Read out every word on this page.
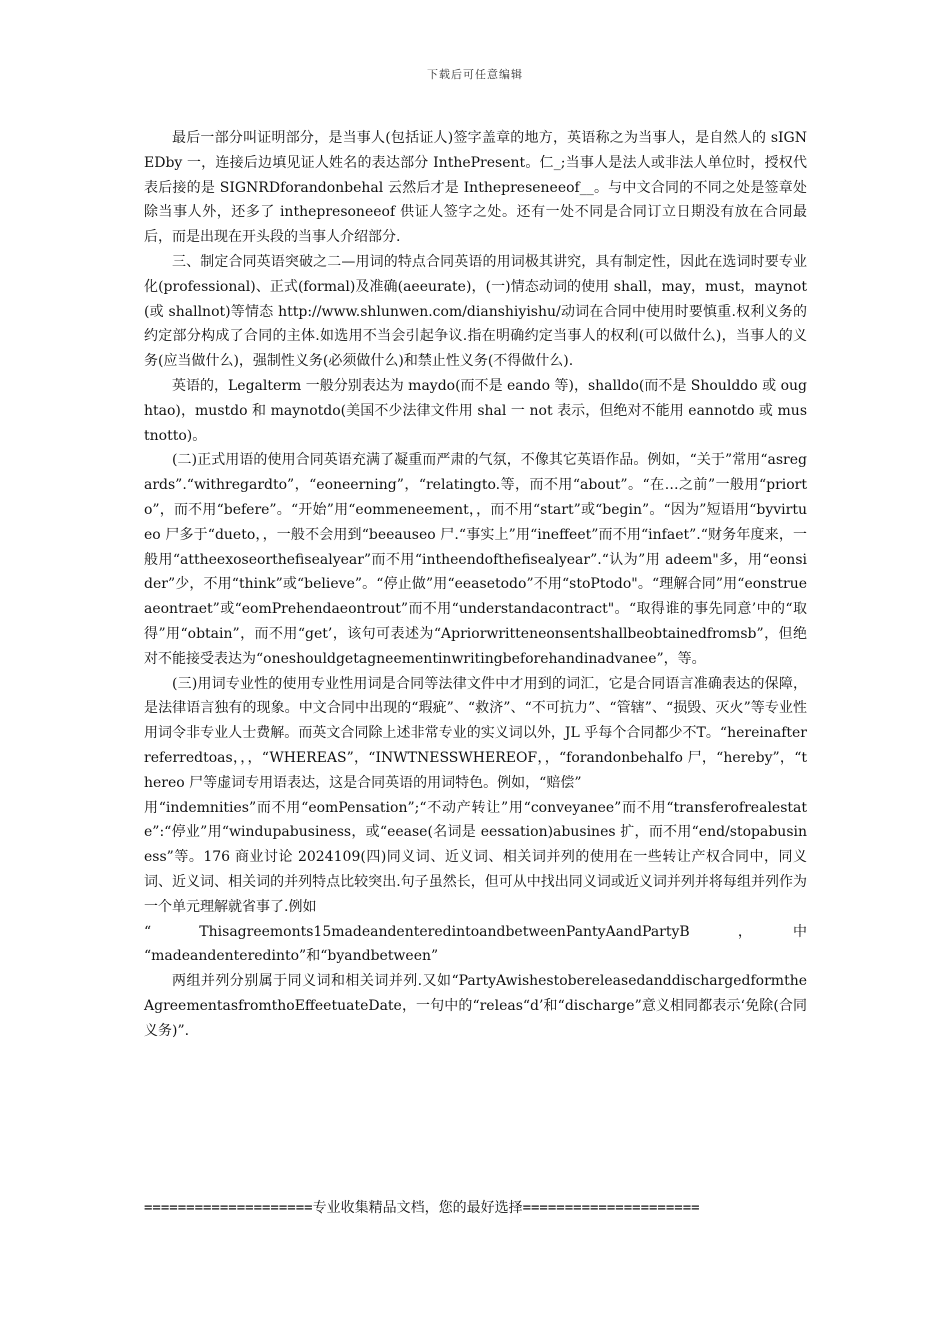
下载后可任意编辑

最后一部分叫证明部分，是当事人(包括证人)签字盖章的地方，英语称之为当事人，是自然人的 sIGNEDby 一，连接后边填见证人姓名的表达部分 InthePresent。仁_;当事人是法人或非法人单位时，授权代表后接的是 SIGNRDforandonbehal 云然后才是 Inthepreseneeof__。与中文合同的不同之处是签章处除当事人外，还多了 inthepresoneeof 供证人签字之处。还有一处不同是合同订立日期没有放在合同最后，而是出现在开头段的当事人介绍部分.

三、制定合同英语突破之二—用词的特点合同英语的用词极其讲究，具有制定性，因此在选词时要专业化(professional)、正式(formal)及准确(aeeurate)，(一)情态动词的使用 shall，may，must，maynot(或 shallnot)等情态 http://www.shlunwen.com/dianshiyishu/动词在合同中使用时要慎重.权利义务的约定部分构成了合同的主体.如选用不当会引起争议.指在明确约定当事人的权利(可以做什么)，当事人的义务(应当做什么)，强制性义务(必须做什么)和禁止性义务(不得做什么).

英语的，Legalterm 一般分别表达为 maydo(而不是 eando 等)，shalldo(而不是 Shoulddo 或 oughtao)，mustdo 和 maynotdo(美国不少法律文件用 shal 一 not 表示，但绝对不能用 eannotdo 或 mustnotto)。

(二)正式用语的使用合同英语充满了凝重而严肃的气氛，不像其它英语作品。例如，“关于”常用“asregards”.“withregardto”，“eoneerning”，“relatingto.等，而不用“about”。“在…之前”一般用“priorto”，而不用“befere”。“开始”用“eommeneement，，而不用“start”或“begin”。“因为”短语用“byvirtueo 尸多于“dueto，，一般不会用到“beeauseo 尸.“事实上”用“ineffeet”而不用“infaet”.“财务年度来，一般用“attheexoseorthefisealyear”而不用“intheendofthefisealyear”.“认为”用 adeem"多，用“eonsider”少，不用“think”或“believe”。“停止做”用“eeasetodo”不用“stoPtodo"。“理解合同”用“eonstrueaeontraet”或“eomPrehendaeontrout”而不用“understandacontract"。“取得谁的事先同意’中的“取得”用“obtain”，而不用“get’，该句可表述为“Apriorwritteneonsentshallbeobtainedfromsb”，但绝对不能接受表达为“oneshouldgetagneementinwritingbeforehandinadvanee”，等。

(三)用词专业性的使用专业性用词是合同等法律文件中才用到的词汇，它是合同语言准确表达的保障，是法律语言独有的现象。中文合同中出现的“瑕疵”、“救济”、“不可抗力”、“管辖”、“损毁、灭火”等专业性用词令非专业人士费解。而英文合同除上述非常专业的实义词以外，JL 乎每个合同都少不T。“hereinafterreferredtoas，，，“WHEREAS”，“INWTNESSWHEREOF，，“forandonbehalfo 尸，“hereby”，“thereo 尸等虚词专用语表达，这是合同英语的用词特色。例如，“赔偿”

用“indemnities”而不用“eomPensation”;“不动产转让”用“conveyanee”而不用“transferofrealestate”:“停业”用“windupabusiness，或“eease(名词是 eessation)abusines 扩，而不用“end/stopabusiness”等。176 商业讨论 2024109(四)同义词、近义词、相关词并列的使用在一些转让产权合同中，同义词、近义词、相关词的并列特点比较突出.句子虽然长，但可从中找出同义词或近义词并列并将每组并列作为一个单元理解就省事了.例如

“　　Thisagreemonts15madeandenteredintoandbetweenPantyAandPartyB　　，　　中

“madeandenteredinto”和“byandbetween”

两组并列分别属于同义词和相关词并列.又如“PartyAwishestobereleasedanddischargedformtheAgreementasfromthoEffeetuateDate，一句中的“releas“d’和“discharge”意义相同都表示‘免除(合同义务)”.

====================专业收集精品文档，您的最好选择=====================
